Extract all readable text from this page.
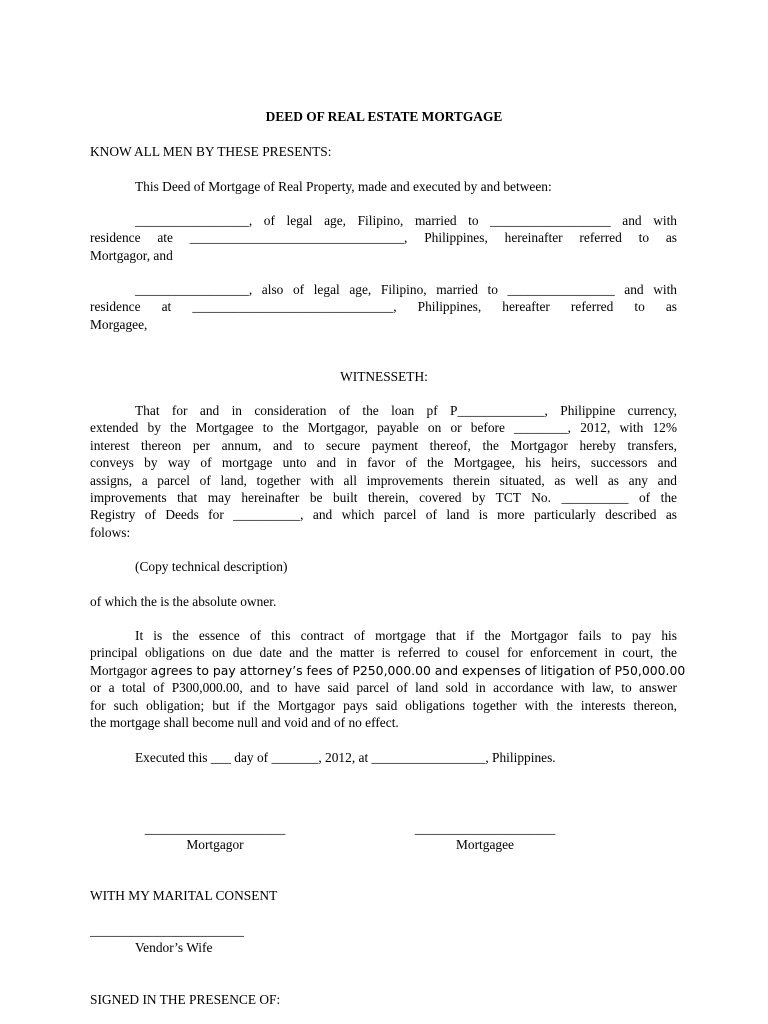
DEED OF REAL ESTATE MORTGAGE
KNOW ALL MEN BY THESE PRESENTS:
This Deed of Mortgage of Real Property, made and executed by and between:
_________________, of legal age, Filipino, married to __________________ and with
residence ate ________________________________, Philippines, hereinafter referred to as
Mortgagor, and
_________________, also of legal age, Filipino, married to ________________ and with
residence at ______________________________, Philippines, hereafter referred to as
Morgagee,
WITNESSETH:
That for and in consideration of the loan pf P_____________, Philippine currency,
extended by the Mortgagee to the Mortgagor, payable on or before ________, 2012, with 12%
interest thereon per annum, and to secure payment thereof, the Mortgagor hereby transfers,
conveys by way of mortgage unto and in favor of the Mortgagee, his heirs, successors and
assigns, a parcel of land, together with all improvements therein situated, as well as any and
improvements that may hereinafter be built therein, covered by TCT No. __________ of the
Registry of Deeds for __________, and which parcel of land is more particularly described as
folows:
(Copy technical description)
of which the is the absolute owner.
It is the essence of this contract of mortgage that if the Mortgagor fails to pay his
principal obligations on due date and the matter is referred to cousel for enforcement in court, the
Mortgagor agrees to pay attorney’s fees of P250,000.00 and expenses of litigation of P50,000.00
or a total of P300,000.00, and to have said parcel of land sold in accordance with law, to answer
for such obligation; but if the Mortgagor pays said obligations together with the interests thereon,
the mortgage shall become null and void and of no effect.
Executed this ___ day of _______, 2012, at _________________, Philippines.
_____________________
Mortgagor
_____________________
Mortgagee
WITH MY MARITAL CONSENT
_______________________
Vendor’s Wife
SIGNED IN THE PRESENCE OF:
